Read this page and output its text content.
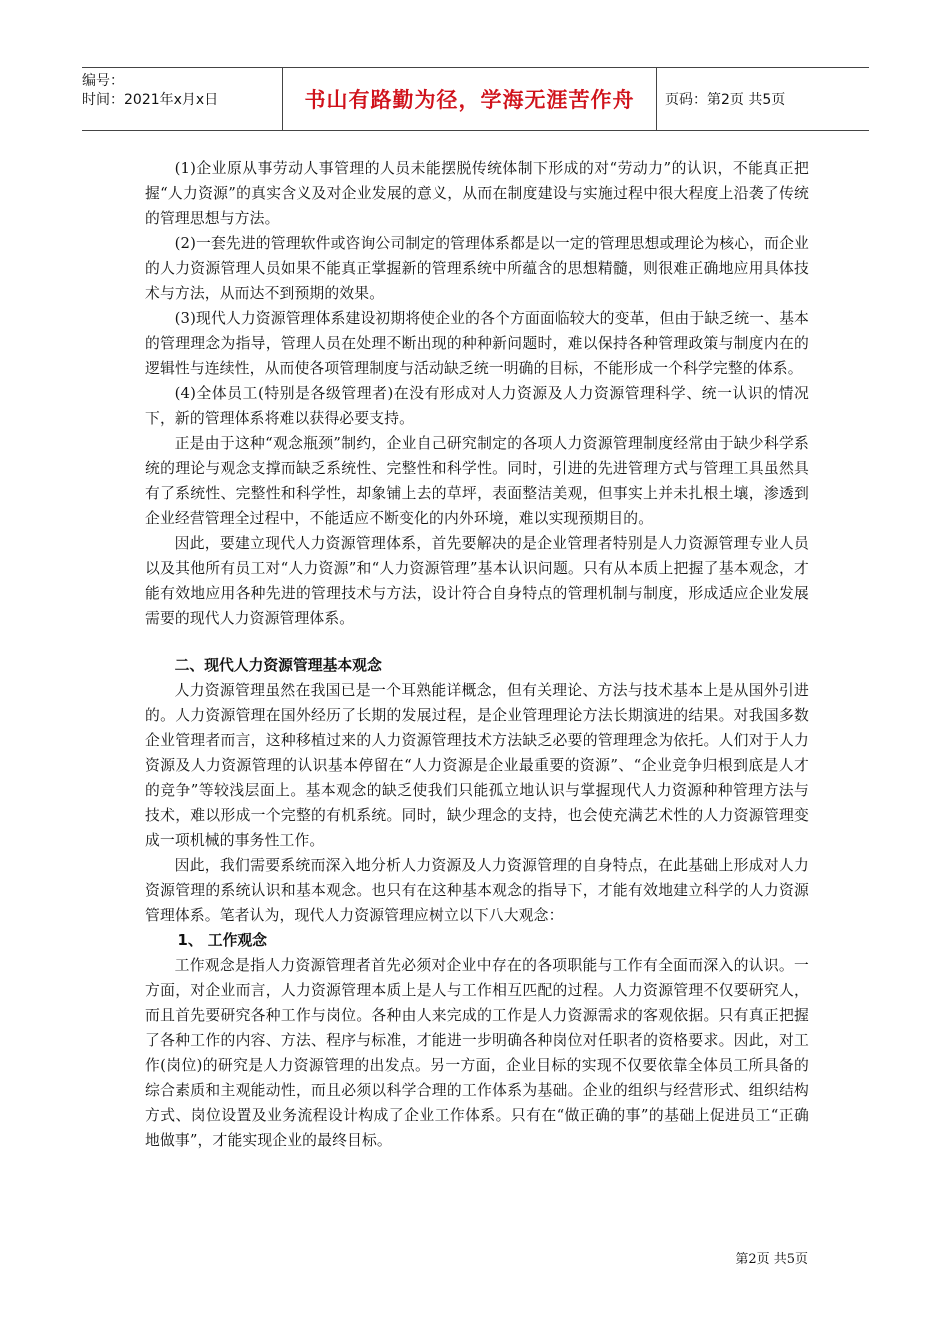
编号：
时间：2021年x月x日	书山有路勤为径，学海无涯苦作舟	页码：第2页 共5页

(1)企业原从事劳动人事管理的人员未能摆脱传统体制下形成的对“劳动力”的认识，不能真正把握“人力资源”的真实含义及对企业发展的意义，从而在制度建设与实施过程中很大程度上沿袭了传统的管理思想与方法。

(2)一套先进的管理软件或咨询公司制定的管理体系都是以一定的管理思想或理论为核心，而企业的人力资源管理人员如果不能真正掌握新的管理系统中所蕴含的思想精髓，则很难正确地应用具体技术与方法，从而达不到预期的效果。

(3)现代人力资源管理体系建设初期将使企业的各个方面面临较大的变革，但由于缺乏统一、基本的管理理念为指导，管理人员在处理不断出现的种种新问题时，难以保持各种管理政策与制度内在的逻辑性与连续性，从而使各项管理制度与活动缺乏统一明确的目标，不能形成一个科学完整的体系。

(4)全体员工(特别是各级管理者)在没有形成对人力资源及人力资源管理科学、统一认识的情况下，新的管理体系将难以获得必要支持。

正是由于这种“观念瓶颈”制约，企业自己研究制定的各项人力资源管理制度经常由于缺少科学系统的理论与观念支撑而缺乏系统性、完整性和科学性。同时，引进的先进管理方式与管理工具虽然具有了系统性、完整性和科学性，却象铺上去的草坪，表面整洁美观，但事实上并未扎根土壤，渗透到企业经营管理全过程中，不能适应不断变化的内外环境，难以实现预期目的。

因此，要建立现代人力资源管理体系，首先要解决的是企业管理者特别是人力资源管理专业人员以及其他所有员工对“人力资源”和“人力资源管理”基本认识问题。只有从本质上把握了基本观念，才能有效地应用各种先进的管理技术与方法，设计符合自身特点的管理机制与制度，形成适应企业发展需要的现代人力资源管理体系。

二、现代人力资源管理基本观念

人力资源管理虽然在我国已是一个耳熟能详概念，但有关理论、方法与技术基本上是从国外引进的。人力资源管理在国外经历了长期的发展过程，是企业管理理论方法长期演进的结果。对我国多数企业管理者而言，这种移植过来的人力资源管理技术方法缺乏必要的管理理念为依托。人们对于人力资源及人力资源管理的认识基本停留在“人力资源是企业最重要的资源”、“企业竞争归根到底是人才的竞争”等较浅层面上。基本观念的缺乏使我们只能孤立地认识与掌握现代人力资源种种管理方法与技术，难以形成一个完整的有机系统。同时，缺少理念的支持，也会使充满艺术性的人力资源管理变成一项机械的事务性工作。

因此，我们需要系统而深入地分析人力资源及人力资源管理的自身特点，在此基础上形成对人力资源管理的系统认识和基本观念。也只有在这种基本观念的指导下，才能有效地建立科学的人力资源管理体系。笔者认为，现代人力资源管理应树立以下八大观念：

1、 工作观念

工作观念是指人力资源管理者首先必须对企业中存在的各项职能与工作有全面而深入的认识。一方面，对企业而言，人力资源管理本质上是人与工作相互匹配的过程。人力资源管理不仅要研究人，而且首先要研究各种工作与岗位。各种由人来完成的工作是人力资源需求的客观依据。只有真正把握了各种工作的内容、方法、程序与标准，才能进一步明确各种岗位对任职者的资格要求。因此，对工作(岗位)的研究是人力资源管理的出发点。另一方面，企业目标的实现不仅要依靠全体员工所具备的综合素质和主观能动性，而且必须以科学合理的工作体系为基础。企业的组织与经营形式、组织结构方式、岗位设置及业务流程设计构成了企业工作体系。只有在“做正确的事”的基础上促进员工“正确地做事”，才能实现企业的最终目标。

第2页 共5页
